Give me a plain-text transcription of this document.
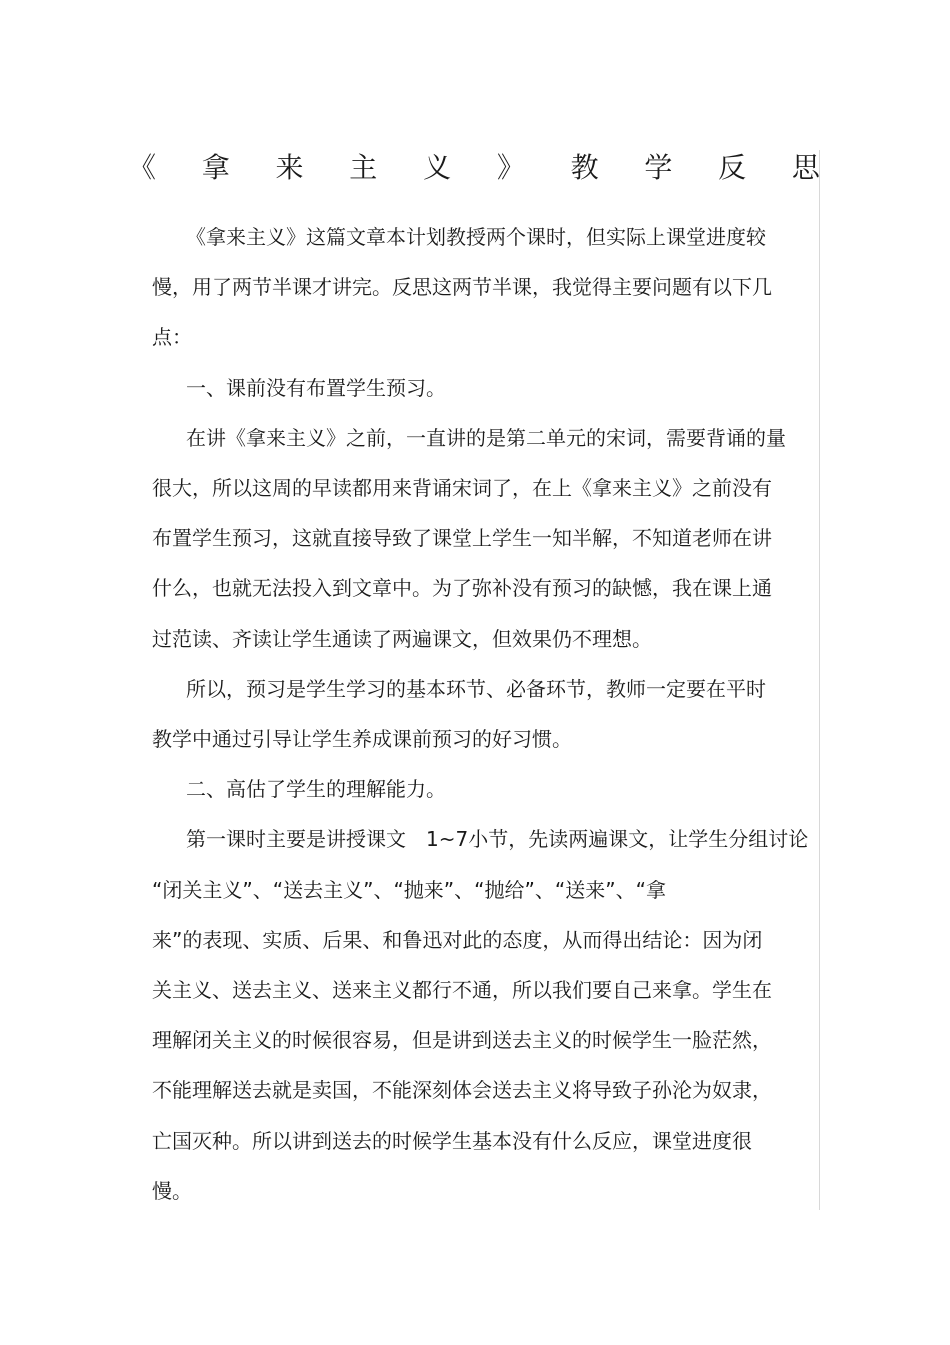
《 拿 来 主 义 》 教 学 反 思
《拿来主义》这篇文章本计划教授两个课时，但实际上课堂进度较
慢，用了两节半课才讲完。反思这两节半课，我觉得主要问题有以下几
点：
一、课前没有布置学生预习。
在讲《拿来主义》之前，一直讲的是第二单元的宋词，需要背诵的量
很大，所以这周的早读都用来背诵宋词了，在上《拿来主义》之前没有
布置学生预习，这就直接导致了课堂上学生一知半解，不知道老师在讲
什么，也就无法投入到文章中。为了弥补没有预习的缺憾，我在课上通
过范读、齐读让学生通读了两遍课文，但效果仍不理想。
所以，预习是学生学习的基本环节、必备环节，教师一定要在平时
教学中通过引导让学生养成课前预习的好习惯。
二、高估了学生的理解能力。
第一课时主要是讲授课文　1~7小节，先读两遍课文，让学生分组讨论
“闭关主义”、“送去主义”、“抛来”、“抛给”、“送来”、“拿
来”的表现、实质、后果、和鲁迅对此的态度，从而得出结论：因为闭
关主义、送去主义、送来主义都行不通，所以我们要自己来拿。学生在
理解闭关主义的时候很容易，但是讲到送去主义的时候学生一脸茫然，
不能理解送去就是卖国，不能深刻体会送去主义将导致子孙沦为奴隶，
亡国灭种。所以讲到送去的时候学生基本没有什么反应，课堂进度很
慢。
